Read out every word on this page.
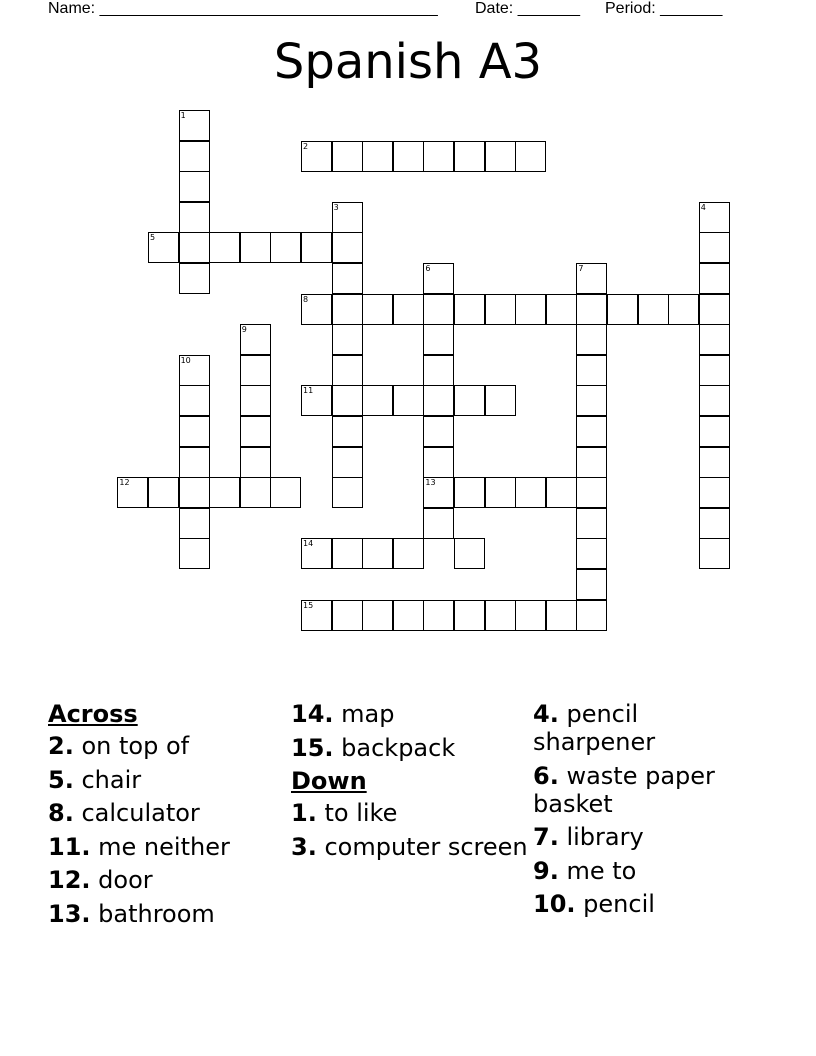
Name: ______________________________________

Date: _______

Period: _______

Spanish A3
1
2
3	4
5
6	7
8
9
10
11
12	13
14
15
Across
2. on top of
5. chair
8. calculator
11. me neither
12. door
13. bathroom
14. map
15. backpack
Down
1. to like
3. computer screen
4. pencil sharpener
6. waste paper basket
7. library
9. me to
10. pencil
